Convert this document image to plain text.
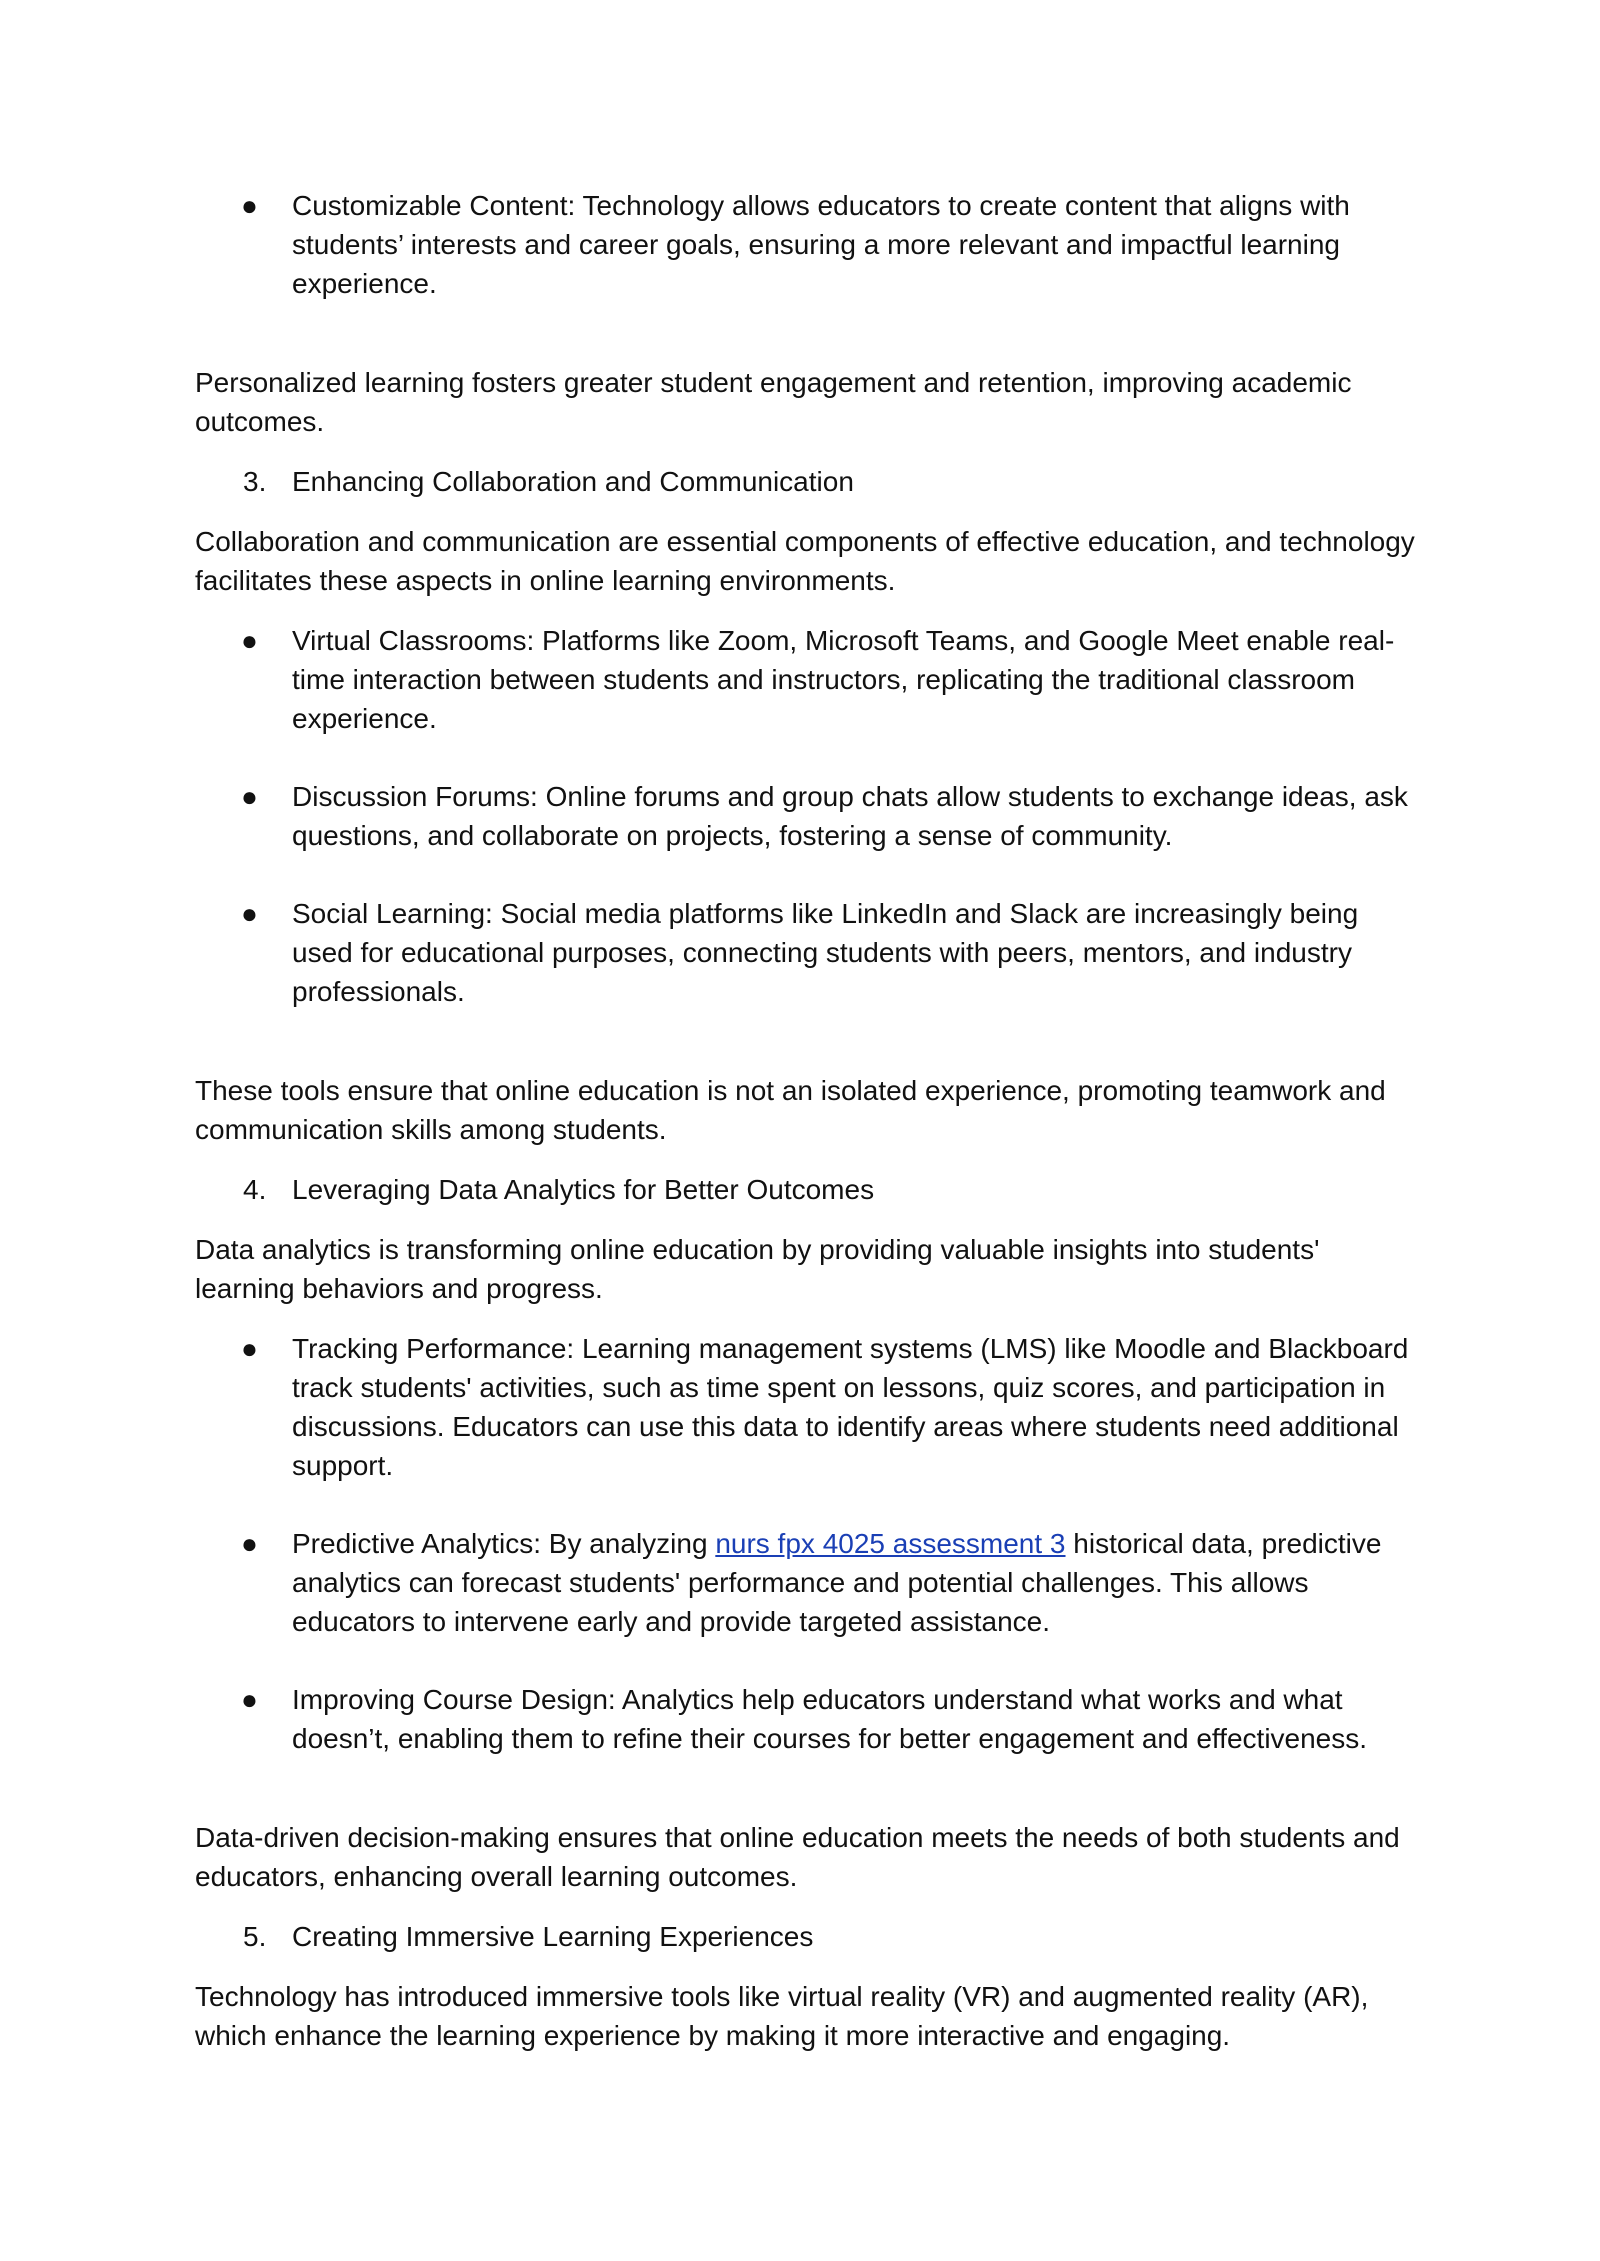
●	Customizable Content: Technology allows educators to create content that aligns with students’ interests and career goals, ensuring a more relevant and impactful learning experience.

Personalized learning fosters greater student engagement and retention, improving academic outcomes.

3. Enhancing Collaboration and Communication

Collaboration and communication are essential components of effective education, and technology facilitates these aspects in online learning environments.

●	Virtual Classrooms: Platforms like Zoom, Microsoft Teams, and Google Meet enable real-time interaction between students and instructors, replicating the traditional classroom experience.
●	Discussion Forums: Online forums and group chats allow students to exchange ideas, ask questions, and collaborate on projects, fostering a sense of community.
●	Social Learning: Social media platforms like LinkedIn and Slack are increasingly being used for educational purposes, connecting students with peers, mentors, and industry professionals.

These tools ensure that online education is not an isolated experience, promoting teamwork and communication skills among students.

4. Leveraging Data Analytics for Better Outcomes

Data analytics is transforming online education by providing valuable insights into students' learning behaviors and progress.

●	Tracking Performance: Learning management systems (LMS) like Moodle and Blackboard track students' activities, such as time spent on lessons, quiz scores, and participation in discussions. Educators can use this data to identify areas where students need additional support.
●	Predictive Analytics: By analyzing nurs fpx 4025 assessment 3 historical data, predictive analytics can forecast students' performance and potential challenges. This allows educators to intervene early and provide targeted assistance.
●	Improving Course Design: Analytics help educators understand what works and what doesn’t, enabling them to refine their courses for better engagement and effectiveness.

Data-driven decision-making ensures that online education meets the needs of both students and educators, enhancing overall learning outcomes.

5. Creating Immersive Learning Experiences

Technology has introduced immersive tools like virtual reality (VR) and augmented reality (AR), which enhance the learning experience by making it more interactive and engaging.
